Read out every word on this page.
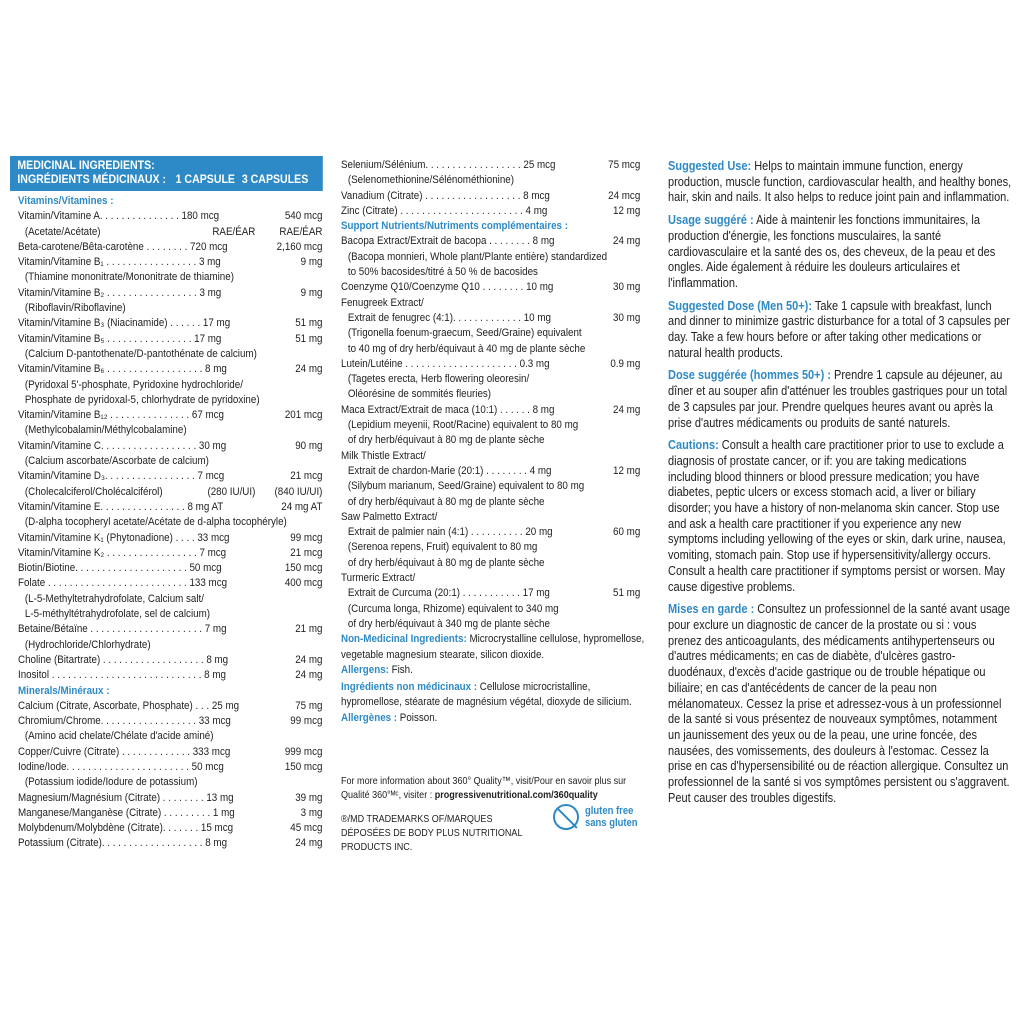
MEDICINAL INGREDIENTS:
INGRÉDIENTS MÉDICINAUX : 1 CAPSULE 3 CAPSULES
Vitamins/Vitamines :
Vitamin/Vitamine A. . . . . . . . . . . . . . . 180 mcg	540 mcg
(Acetate/Acétate)	RAE/ÉAR	RAE/ÉAR
Beta-carotene/Bêta-carotène . . . . . . . . 720 mcg	2,160 mcg
Vitamin/Vitamine B₁ . . . . . . . . . . . . . . . . . 3 mg	9 mg
(Thiamine mononitrate/Mononitrate de thiamine)
Vitamin/Vitamine B₂ . . . . . . . . . . . . . . . . . 3 mg	9 mg
(Riboflavin/Riboflavine)
Vitamin/Vitamine B₃ (Niacinamide) . . . . . . 17 mg	51 mg
Vitamin/Vitamine B₅ . . . . . . . . . . . . . . . . 17 mg	51 mg
(Calcium D-pantothenate/D-pantothénate de calcium)
Vitamin/Vitamine B₆ . . . . . . . . . . . . . . . . . . 8 mg	24 mg
(Pyridoxal 5'-phosphate, Pyridoxine hydrochloride/
Phosphate de pyridoxal-5, chlorhydrate de pyridoxine)
Vitamin/Vitamine B₁₂ . . . . . . . . . . . . . . . 67 mcg	201 mcg
(Methylcobalamin/Méthylcobalamine)
Vitamin/Vitamine C. . . . . . . . . . . . . . . . . . 30 mg	90 mg
(Calcium ascorbate/Ascorbate de calcium)
Vitamin/Vitamine D₃. . . . . . . . . . . . . . . . . 7 mcg	21 mcg
(Cholecalciferol/Cholécalciférol)	(280 IU/UI)	(840 IU/UI)
Vitamin/Vitamine E. . . . . . . . . . . . . . . . 8 mg AT	24 mg AT
(D-alpha tocopheryl acetate/Acétate de d-alpha tocophéryle)
Vitamin/Vitamine K₁ (Phytonadione) . . . . 33 mcg	99 mcg
Vitamin/Vitamine K₂ . . . . . . . . . . . . . . . . . 7 mcg	21 mcg
Biotin/Biotine. . . . . . . . . . . . . . . . . . . . . 50 mcg	150 mcg
Folate . . . . . . . . . . . . . . . . . . . . . . . . . . 133 mcg	400 mcg
(L-5-Methyltetrahydrofolate, Calcium salt/
L-5-méthyltétrahydrofolate, sel de calcium)
Betaine/Bétaïne . . . . . . . . . . . . . . . . . . . . . 7 mg	21 mg
(Hydrochloride/Chlorhydrate)
Choline (Bitartrate) . . . . . . . . . . . . . . . . . . . 8 mg	24 mg
Inositol . . . . . . . . . . . . . . . . . . . . . . . . . . . . 8 mg	24 mg
Minerals/Minéraux :
Calcium (Citrate, Ascorbate, Phosphate) . . . 25 mg	75 mg
Chromium/Chrome. . . . . . . . . . . . . . . . . . 33 mcg	99 mcg
(Amino acid chelate/Chélate d'acide aminé)
Copper/Cuivre (Citrate) . . . . . . . . . . . . . 333 mcg	999 mcg
Iodine/Iode. . . . . . . . . . . . . . . . . . . . . . . 50 mcg	150 mcg
(Potassium iodide/Iodure de potassium)
Magnesium/Magnésium (Citrate) . . . . . . . . 13 mg	39 mg
Manganese/Manganèse (Citrate) . . . . . . . . . 1 mg	3 mg
Molybdenum/Molybdène (Citrate). . . . . . . 15 mcg	45 mcg
Potassium (Citrate). . . . . . . . . . . . . . . . . . . 8 mg	24 mg
Selenium/Sélénium. . . . . . . . . . . . . . . . . . 25 mcg	75 mcg
(Selenomethionine/Sélénométhionine)
Vanadium (Citrate) . . . . . . . . . . . . . . . . . . 8 mcg	24 mcg
Zinc (Citrate) . . . . . . . . . . . . . . . . . . . . . . . 4 mg	12 mg
Support Nutrients/Nutriments complémentaires :
Bacopa Extract/Extrait de bacopa . . . . . . . . 8 mg	24 mg
(Bacopa monnieri, Whole plant/Plante entière) standardized
to 50% bacosides/titré à 50 % de bacosides
Coenzyme Q10/Coenzyme Q10 . . . . . . . . 10 mg	30 mg
Fenugreek Extract/
Extrait de fenugrec (4:1). . . . . . . . . . . . . 10 mg	30 mg
(Trigonella foenum-graecum, Seed/Graine) equivalent
to 40 mg of dry herb/équivaut à 40 mg de plante sèche
Lutein/Lutéine . . . . . . . . . . . . . . . . . . . . . 0.3 mg	0.9 mg
(Tagetes erecta, Herb flowering oleoresin/
Oléorésine de sommités fleuries)
Maca Extract/Extrait de maca (10:1) . . . . . . 8 mg	24 mg
(Lepidium meyenii, Root/Racine) equivalent to 80 mg
of dry herb/équivaut à 80 mg de plante sèche
Milk Thistle Extract/
Extrait de chardon-Marie (20:1) . . . . . . . . 4 mg	12 mg
(Silybum marianum, Seed/Graine) equivalent to 80 mg
of dry herb/équivaut à 80 mg de plante sèche
Saw Palmetto Extract/
Extrait de palmier nain (4:1) . . . . . . . . . . 20 mg	60 mg
(Serenoa repens, Fruit) equivalent to 80 mg
of dry herb/équivaut à 80 mg de plante sèche
Turmeric Extract/
Extrait de Curcuma (20:1) . . . . . . . . . . . 17 mg	51 mg
(Curcuma longa, Rhizome) equivalent to 340 mg
of dry herb/équivaut à 340 mg de plante sèche
Non-Medicinal Ingredients: Microcrystalline cellulose, hypromellose, vegetable magnesium stearate, silicon dioxide.
Allergens: Fish.
Ingrédients non médicinaux : Cellulose microcristalline, hypromellose, stéarate de magnésium végétal, dioxyde de silicium.
Allergènes : Poisson.
For more information about 360° Quality™, visit/Pour en savoir plus sur Qualité 360°ᴹᶜ, visiter : progressivenutritional.com/360quality
®/MD TRADEMARKS OF/MARQUES DÉPOSÉES DE BODY PLUS NUTRITIONAL PRODUCTS INC.
gluten free
sans gluten
Suggested Use: Helps to maintain immune function, energy production, muscle function, cardiovascular health, and healthy bones, hair, skin and nails. It also helps to reduce joint pain and inflammation.
Usage suggéré : Aide à maintenir les fonctions immunitaires, la production d'énergie, les fonctions musculaires, la santé cardiovasculaire et la santé des os, des cheveux, de la peau et des ongles. Aide également à réduire les douleurs articulaires et l'inflammation.
Suggested Dose (Men 50+): Take 1 capsule with breakfast, lunch and dinner to minimize gastric disturbance for a total of 3 capsules per day. Take a few hours before or after taking other medications or natural health products.
Dose suggérée (hommes 50+) : Prendre 1 capsule au déjeuner, au dîner et au souper afin d'atténuer les troubles gastriques pour un total de 3 capsules par jour. Prendre quelques heures avant ou après la prise d'autres médicaments ou produits de santé naturels.
Cautions: Consult a health care practitioner prior to use to exclude a diagnosis of prostate cancer, or if: you are taking medications including blood thinners or blood pressure medication; you have diabetes, peptic ulcers or excess stomach acid, a liver or biliary disorder; you have a history of non-melanoma skin cancer. Stop use and ask a health care practitioner if you experience any new symptoms including yellowing of the eyes or skin, dark urine, nausea, vomiting, stomach pain. Stop use if hypersensitivity/allergy occurs. Consult a health care practitioner if symptoms persist or worsen. May cause digestive problems.
Mises en garde : Consultez un professionnel de la santé avant usage pour exclure un diagnostic de cancer de la prostate ou si : vous prenez des anticoagulants, des médicaments antihypertenseurs ou d'autres médicaments; en cas de diabète, d'ulcères gastro-duodénaux, d'excès d'acide gastrique ou de trouble hépatique ou biliaire; en cas d'antécédents de cancer de la peau non mélanomateux. Cessez la prise et adressez-vous à un professionnel de la santé si vous présentez de nouveaux symptômes, notamment un jaunissement des yeux ou de la peau, une urine foncée, des nausées, des vomissements, des douleurs à l'estomac. Cessez la prise en cas d'hypersensibilité ou de réaction allergique. Consultez un professionnel de la santé si vos symptômes persistent ou s'aggravent. Peut causer des troubles digestifs.
